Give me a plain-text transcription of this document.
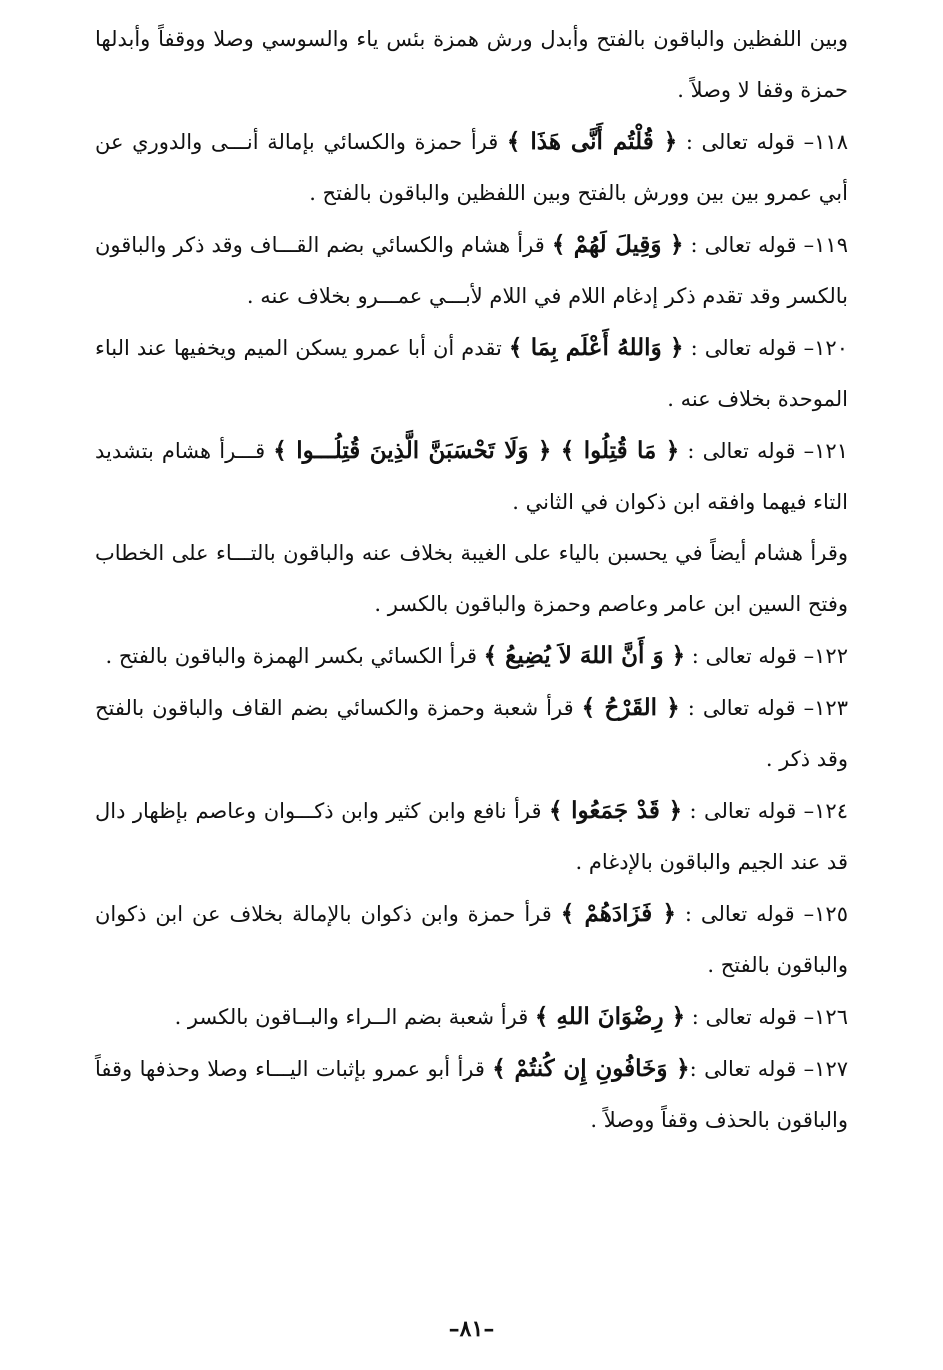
وبين اللفظين والباقون بالفتح وأبدل ورش همزة بئس ياء والسوسي وصلا ووقفاً وأبدلها حمزة وقفا لا وصلاً .

١١٨– قوله تعالى : ﴿ قُلْتُم أَنَّى هَذَا ﴾ قرأ حمزة والكسائي بإمالة أنـــى والدوري عن أبي عمرو بين بين وورش بالفتح وبين اللفظين والباقون بالفتح .

١١٩– قوله تعالى : ﴿ وَقِيلَ لَهُمْ ﴾ قرأ هشام والكسائي بضم القـــاف وقد ذكر والباقون بالكسر وقد تقدم ذكر إدغام اللام في اللام لأبـــي عمـــرو بخلاف عنه .

١٢٠– قوله تعالى : ﴿ وَاللهُ أَعْلَم بِمَا ﴾ تقدم أن أبا عمرو يسكن الميم ويخفيها عند الباء الموحدة بخلاف عنه .

١٢١– قوله تعالى : ﴿ مَا قُتِلُوا ﴾ ﴿ وَلَا تَحْسَبَنَّ الَّذِينَ قُتِلُـــوا ﴾ قـــرأ هشام بتشديد التاء فيهما وافقه ابن ذكوان في الثاني .

وقرأ هشام أيضاً في يحسبن بالياء على الغيبة بخلاف عنه والباقون بالتـــاء على الخطاب وفتح السين ابن عامر وعاصم وحمزة والباقون بالكسر .

١٢٢– قوله تعالى : ﴿ وَ أَنَّ اللهَ لاَ يُضِيعُ ﴾ قرأ الكسائي بكسر الهمزة والباقون بالفتح .

١٢٣– قوله تعالى : ﴿ القَرْحُ ﴾ قرأ شعبة وحمزة والكسائي بضم القاف والباقون بالفتح وقد ذكر .

١٢٤– قوله تعالى : ﴿ قَدْ جَمَعُوا ﴾ قرأ نافع وابن كثير وابن ذكـــوان وعاصم بإظهار دال قد عند الجيم والباقون بالإدغام .

١٢٥– قوله تعالى : ﴿ فَزَادَهُمْ ﴾ قرأ حمزة وابن ذكوان بالإمالة بخلاف عن ابن ذكوان والباقون بالفتح .

١٢٦– قوله تعالى : ﴿ رِضْوَانَ اللهِ ﴾ قرأ شعبة بضم الــراء والبــاقون بالكسر .

١٢٧– قوله تعالى :﴿ وَخَافُونِ إِن كُنتُمْ ﴾ قرأ أبو عمرو بإثبات اليـــاء وصلا وحذفها وقفاً والباقون بالحذف وقفاً ووصلاً .

–٨١–
